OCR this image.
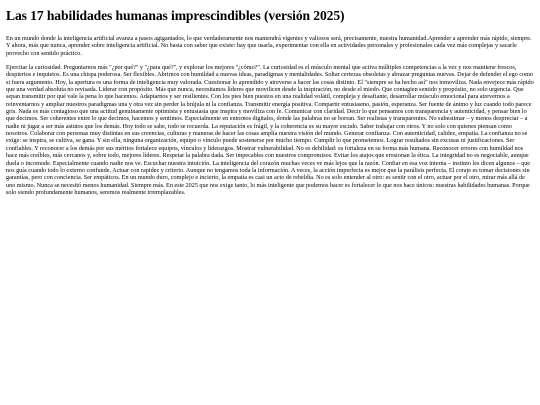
Las 17 habilidades humanas imprescindibles (versión 2025)

En un mundo donde la inteligencia artificial avanza a pasos agigantados, lo que verdaderamente nos mantendrá vigentes y valiosos será, precisamente, nuestra humanidad.Aprender a aprender más rápido, siempre. Y ahora, más que nunca, aprender sobre inteligencia artificial. No basta con saber que existe: hay que usarla, experimentar con ella en actividades personales y profesionales cada vez más complejas y sacarle provecho con sentido práctico.

Ejercitar la curiosidad. Preguntarnos más "¿por qué?" y "¿para qué?", y explorar los mejores "¿cómo?". La curiosidad es el músculo mental que activa múltiples competencias a la vez y nos mantiene frescos, despiertos e inquietos. Es una chispa poderosa. Ser flexibles. Abrirnos con humildad a nuevas ideas, paradigmas y mentalidades. Soltar certezas obsoletas y abrazar preguntas nuevas. Dejar de defender el ego como si fuera argumento. Hoy, la apertura es una forma de inteligencia muy valorada. Cuestionar lo aprendido y atreverse a hacer las cosas distinto. El "siempre se ha hecho así" nos inmoviliza. Nada envejece más rápido que una verdad absoluta no revisada. Liderar con propósito. Más que nunca, necesitamos líderes que movilicen desde la inspiración, no desde el miedo. Que contagien sentido y propósito, no solo urgencia. Que sepan transmitir por qué vale la pena lo que hacemos. Adaptarnos y ser resilientes. Con los pies bien puestos en una realidad volátil, compleja y desafiante, desarrollar músculo emocional para atrevernos a reinventarnos y ampliar nuestros paradigmas una y otra vez sin perder la brújula ni la confianza. Transmitir energía positiva. Compartir entusiasmo, pasión, esperanza. Ser fuente de ánimo y luz cuando todo parece gris. Nada es más contagioso que una actitud genuinamente optimista y entusiasta que inspira y moviliza con fe. Comunicar con claridad. Decir lo que pensamos con transparencia y autenticidad, y pensar bien lo que decimos. Ser coherentes entre lo que decimos, hacemos y sentimos. Especialmente en entornos digitales, donde las palabras no se borran. Ser realistas y transparentes. No subestimar – y menos despreciar – a nadie ni jugar a ser más astutos que los demás. Hoy todo se sabe, todo se recuerda. La reputación es frágil, y la coherencia es su mayor escudo. Saber trabajar con otros. Y no solo con quienes piensan como nosotros. Colaborar con personas muy distintas en sus creencias, culturas y maneras de hacer las cosas amplía nuestra visión del mundo. Generar confianza. Con autenticidad, calidez, empatía. La confianza no se exige: se inspira, se cultiva, se gana. Y sin ella, ninguna organización, equipo o vínculo puede sostenerse por mucho tiempo. Cumplir lo que prometemos. Lograr resultados sin excusas ni justificaciones. Ser confiables. Y reconocer a los demás por sus méritos fortalece equipos, vínculos y liderazgos. Mostrar vulnerabilidad. No es debilidad: es fortaleza en su forma más humana. Reconocer errores con humildad nos hace más creíbles, más cercanos y, sobre todo, mejores líderes. Respetar la palabra dada. Ser impecables con nuestros compromisos. Evitar los atajos que erosionan la ética. La integridad no es negociable, aunque duela o incomode. Especialmente cuando nadie nos ve. Escuchar nuestra intuición. La inteligencia del corazón muchas veces ve más lejos que la razón. Confiar en esa voz interna – instinto les dicen algunos – que nos guía cuando todo lo externo confunde. Actuar con rapidez y criterio. Aunque no tengamos toda la información. A veces, la acción imperfecta es mejor que la parálisis perfecta. El coraje es tomar decisiones sin garantías, pero con conciencia. Ser empáticos. En un mundo duro, complejo e incierto, la empatía es casi un acto de rebeldía. No es solo entender al otro: es sentir con el otro, actuar por el otro, mirar más allá de uno mismo. Nunca se necesitó menos humanidad. Siempre más. En este 2025 que nos exige tanto, lo más inteligente que podemos hacer es fortalecer lo que nos hace únicos: nuestras habilidades humanas. Porque solo siendo profundamente humanos, seremos realmente irremplazables.
